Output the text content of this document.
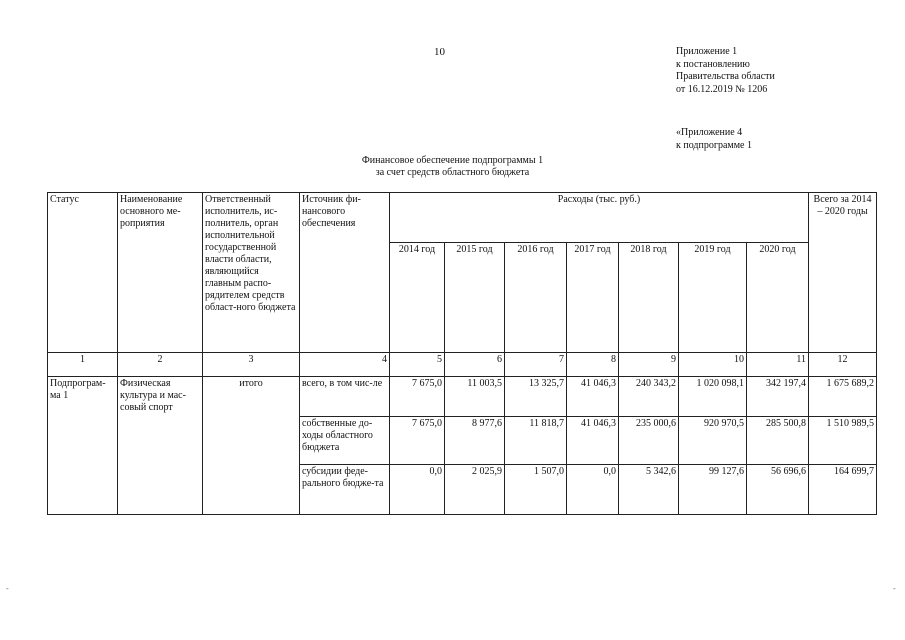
10	Приложение 1
к постановлению
Правительства области
от 16.12.2019 № 1206
«Приложение 4
к подпрограмме 1
Финансовое обеспечение подпрограммы 1
за счет средств областного бюджета
Статус	Наименование основного ме-роприятия	Ответственный исполнитель, ис-полнитель, орган исполнительной государственной власти области, являющийся главным распо-рядителем средств област-ного бюджета	Источник фи-нансового обеспечения	Расходы (тыс. руб.)							Всего за 2014 – 2020 годы
				2014 год	2015 год	2016 год	2017 год	2018 год	2019 год	2020 год	
1	2	3	4	5	6	7	8	9	10	11	12
Подпрограм-ма 1	Физическая культура и мас-совый спорт	итого	всего, в том чис-ле	7 675,0	11 003,5	13 325,7	41 046,3	240 343,2	1 020 098,1	342 197,4	1 675 689,2
			собственные до-ходы областного бюджета	7 675,0	8 977,6	11 818,7	41 046,3	235 000,6	920 970,5	285 500,8	1 510 989,5
			субсидии феде-рального бюдже-та	0,0	2 025,9	1 507,0	0,0	5 342,6	99 127,6	56 696,6	164 699,7
-	-
